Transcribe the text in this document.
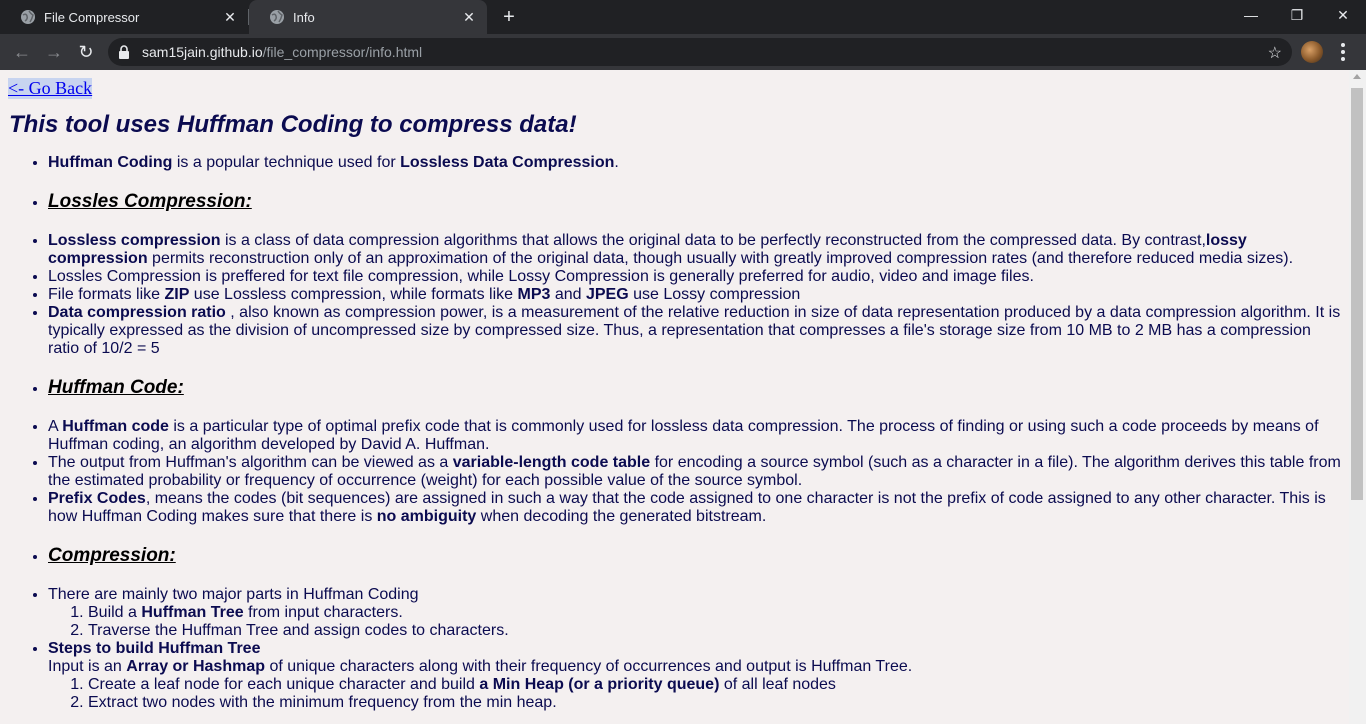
File Compressor	✕	Info	✕ +	—	❐	✕
← → ↻	sam15jain.github.io/file_compressor/info.html	☆
<- Go Back
This tool uses Huffman Coding to compress data!
• Huffman Coding is a popular technique used for Lossless Data Compression.
• Lossles Compression:
• Lossless compression is a class of data compression algorithms that allows the original data to be perfectly reconstructed from the compressed data. By contrast,lossy compression permits reconstruction only of an approximation of the original data, though usually with greatly improved compression rates (and therefore reduced media sizes).
• Lossles Compression is preffered for text file compression, while Lossy Compression is generally preferred for audio, video and image files.
• File formats like ZIP use Lossless compression, while formats like MP3 and JPEG use Lossy compression
• Data compression ratio , also known as compression power, is a measurement of the relative reduction in size of data representation produced by a data compression algorithm. It is typically expressed as the division of uncompressed size by compressed size. Thus, a representation that compresses a file's storage size from 10 MB to 2 MB has a compression ratio of 10/2 = 5
• Huffman Code:
• A Huffman code is a particular type of optimal prefix code that is commonly used for lossless data compression. The process of finding or using such a code proceeds by means of Huffman coding, an algorithm developed by David A. Huffman.
• The output from Huffman's algorithm can be viewed as a variable-length code table for encoding a source symbol (such as a character in a file). The algorithm derives this table from the estimated probability or frequency of occurrence (weight) for each possible value of the source symbol.
• Prefix Codes, means the codes (bit sequences) are assigned in such a way that the code assigned to one character is not the prefix of code assigned to any other character. This is how Huffman Coding makes sure that there is no ambiguity when decoding the generated bitstream.
• Compression:
• There are mainly two major parts in Huffman Coding
1. Build a Huffman Tree from input characters.
2. Traverse the Huffman Tree and assign codes to characters.
• Steps to build Huffman Tree
Input is an Array or Hashmap of unique characters along with their frequency of occurrences and output is Huffman Tree.
1. Create a leaf node for each unique character and build a Min Heap (or a priority queue) of all leaf nodes
2. Extract two nodes with the minimum frequency from the min heap.
